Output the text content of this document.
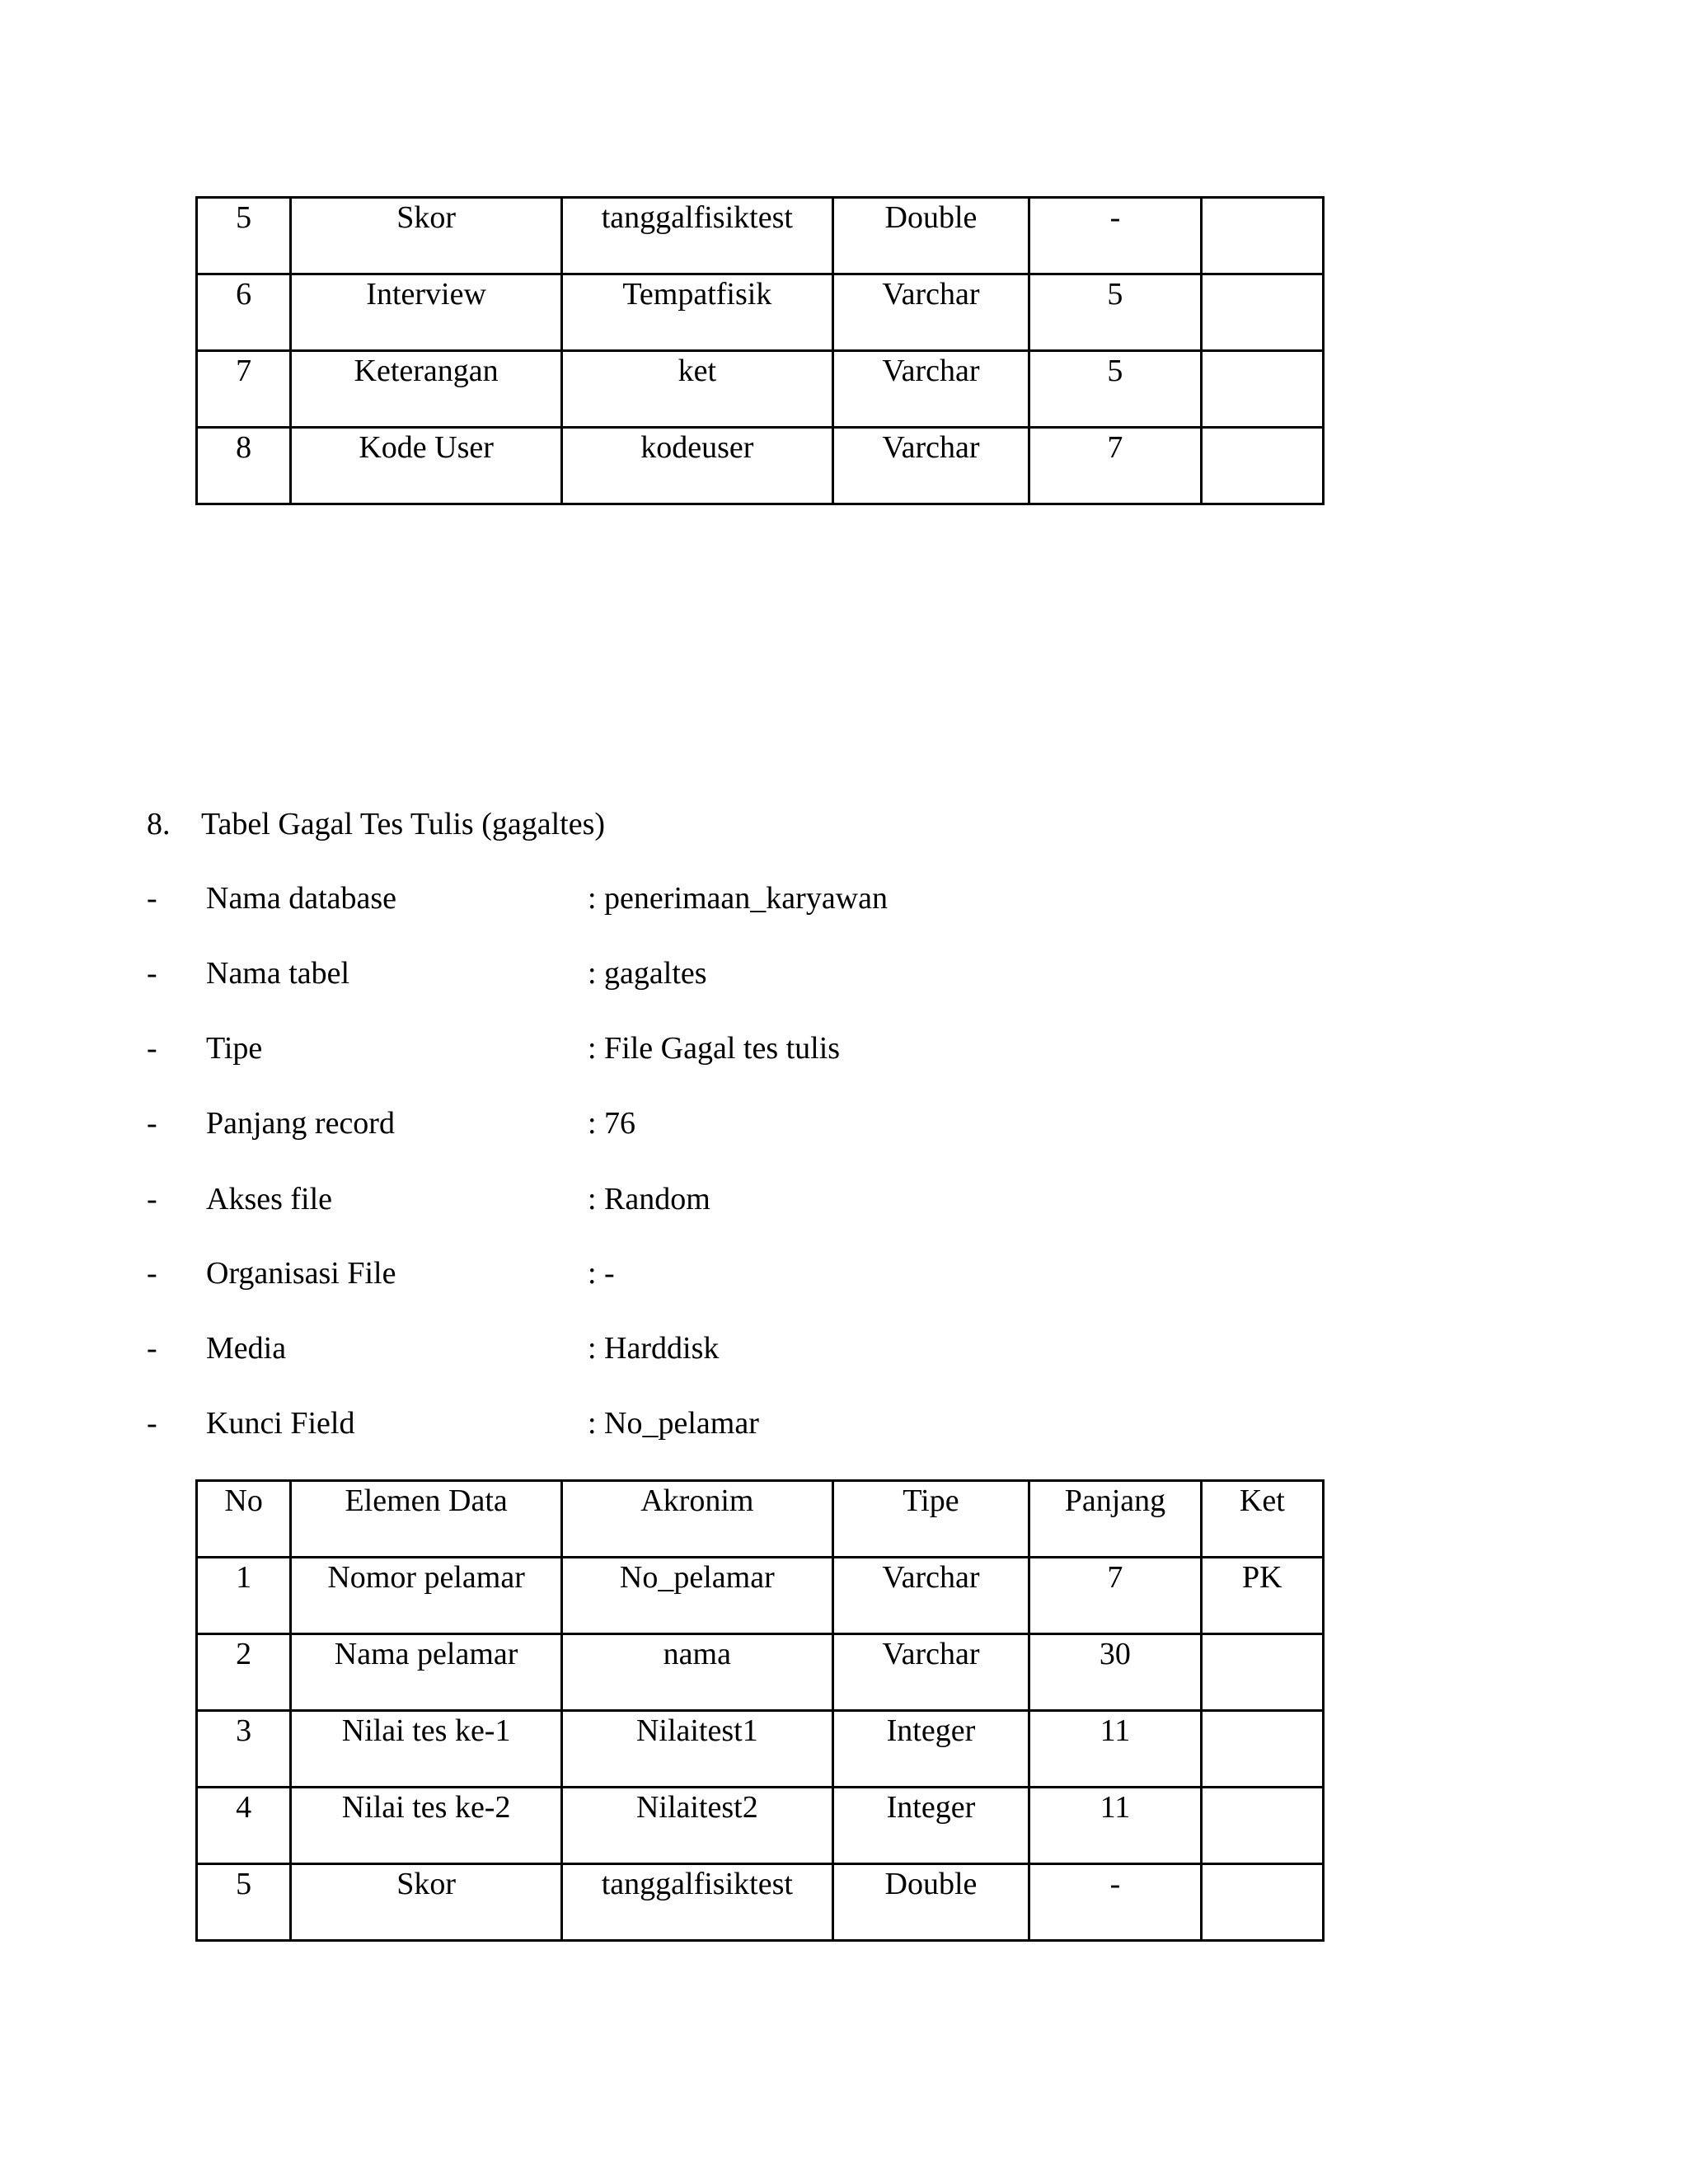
5	Skor	tanggalfisiktest	Double	-	
6	Interview	Tempatfisik	Varchar	5	
7	Keterangan	ket	Varchar	5	
8	Kode User	kodeuser	Varchar	7	
8. Tabel Gagal Tes Tulis (gagaltes)
- Nama database	: penerimaan_karyawan
- Nama tabel	: gagaltes
- Tipe	: File Gagal tes tulis
- Panjang record	: 76
- Akses file	: Random
- Organisasi File	: -
- Media	: Harddisk
- Kunci Field	: No_pelamar
No	Elemen Data	Akronim	Tipe	Panjang	Ket
1	Nomor pelamar	No_pelamar	Varchar	7	PK
2	Nama pelamar	nama	Varchar	30	
3	Nilai tes ke-1	Nilaitest1	Integer	11	
4	Nilai tes ke-2	Nilaitest2	Integer	11	
5	Skor	tanggalfisiktest	Double	-	
